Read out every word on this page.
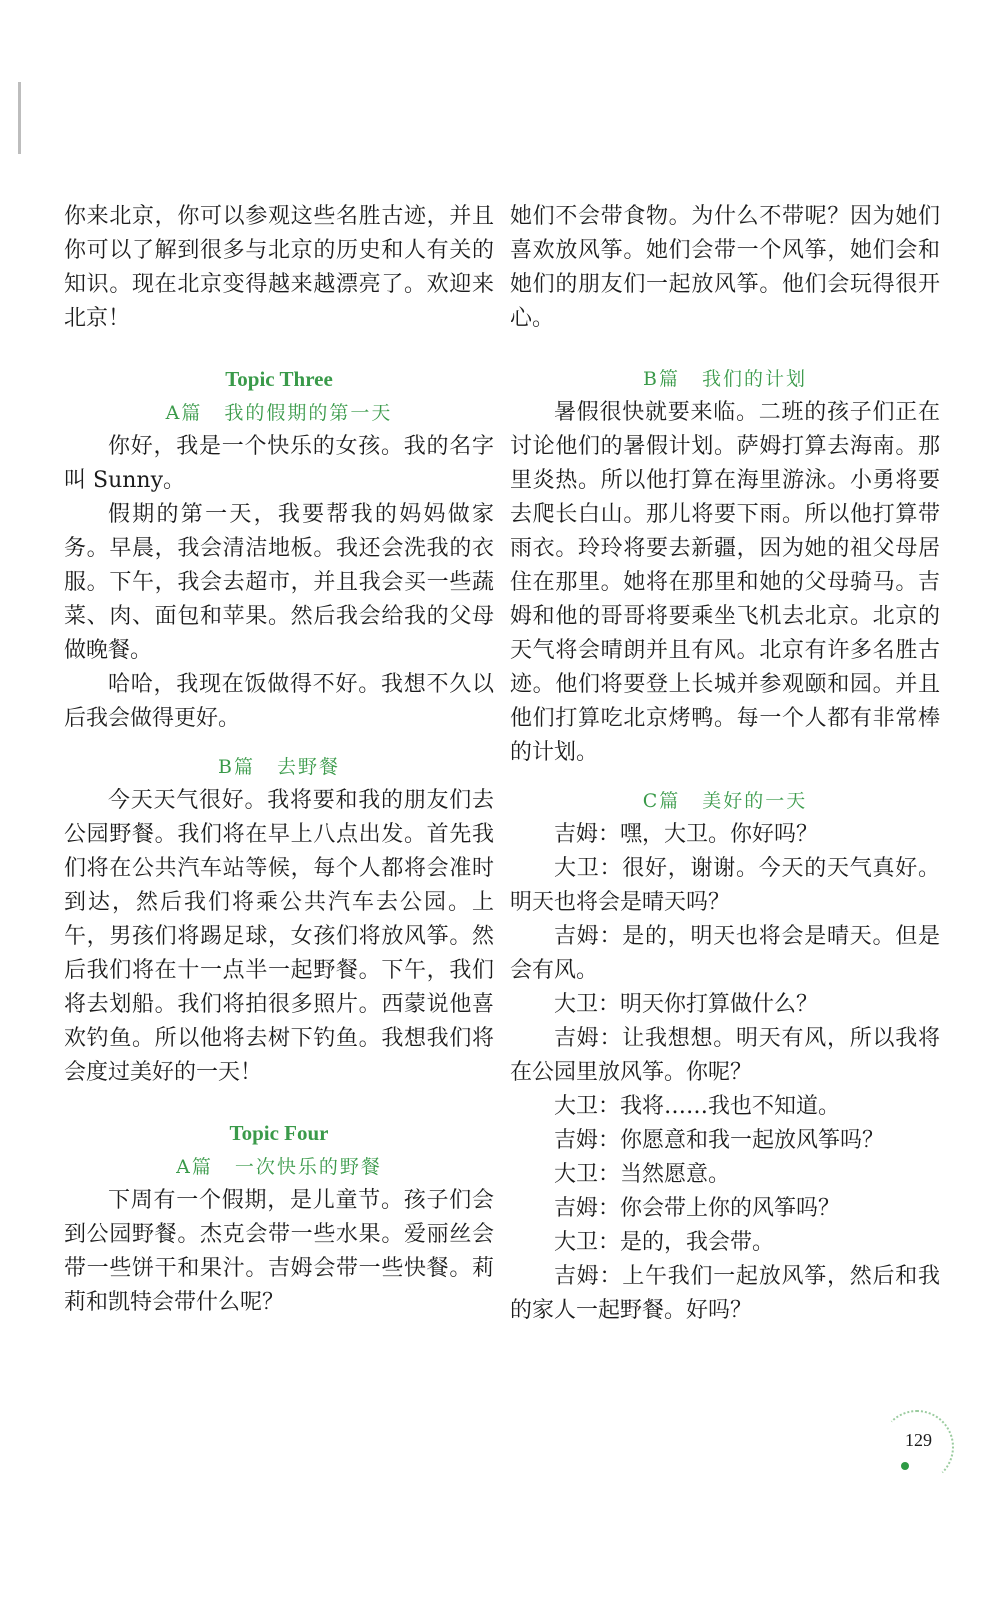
你来北京，你可以参观这些名胜古迹，并且你可以了解到很多与北京的历史和人有关的知识。现在北京变得越来越漂亮了。欢迎来北京！

Topic Three

A篇 我的假期的第一天

你好，我是一个快乐的女孩。我的名字叫 Sunny。

假期的第一天，我要帮我的妈妈做家务。早晨，我会清洁地板。我还会洗我的衣服。下午，我会去超市，并且我会买一些蔬菜、肉、面包和苹果。然后我会给我的父母做晚餐。

哈哈，我现在饭做得不好。我想不久以后我会做得更好。

B篇 去野餐

今天天气很好。我将要和我的朋友们去公园野餐。我们将在早上八点出发。首先我们将在公共汽车站等候，每个人都将会准时到达，然后我们将乘公共汽车去公园。上午，男孩们将踢足球，女孩们将放风筝。然后我们将在十一点半一起野餐。下午，我们将去划船。我们将拍很多照片。西蒙说他喜欢钓鱼。所以他将去树下钓鱼。我想我们将会度过美好的一天！

Topic Four

A篇 一次快乐的野餐

下周有一个假期，是儿童节。孩子们会到公园野餐。杰克会带一些水果。爱丽丝会带一些饼干和果汁。吉姆会带一些快餐。莉莉和凯特会带什么呢？

她们不会带食物。为什么不带呢？因为她们喜欢放风筝。她们会带一个风筝，她们会和她们的朋友们一起放风筝。他们会玩得很开心。

B篇 我们的计划

暑假很快就要来临。二班的孩子们正在讨论他们的暑假计划。萨姆打算去海南。那里炎热。所以他打算在海里游泳。小勇将要去爬长白山。那儿将要下雨。所以他打算带雨衣。玲玲将要去新疆，因为她的祖父母居住在那里。她将在那里和她的父母骑马。吉姆和他的哥哥将要乘坐飞机去北京。北京的天气将会晴朗并且有风。北京有许多名胜古迹。他们将要登上长城并参观颐和园。并且他们打算吃北京烤鸭。每一个人都有非常棒的计划。

C篇 美好的一天

吉姆：嘿，大卫。你好吗？

大卫：很好，谢谢。今天的天气真好。明天也将会是晴天吗？

吉姆：是的，明天也将会是晴天。但是会有风。

大卫：明天你打算做什么？

吉姆：让我想想。明天有风，所以我将在公园里放风筝。你呢？

大卫：我将……我也不知道。

吉姆：你愿意和我一起放风筝吗？

大卫：当然愿意。

吉姆：你会带上你的风筝吗？

大卫：是的，我会带。

吉姆：上午我们一起放风筝，然后和我的家人一起野餐。好吗？

129
